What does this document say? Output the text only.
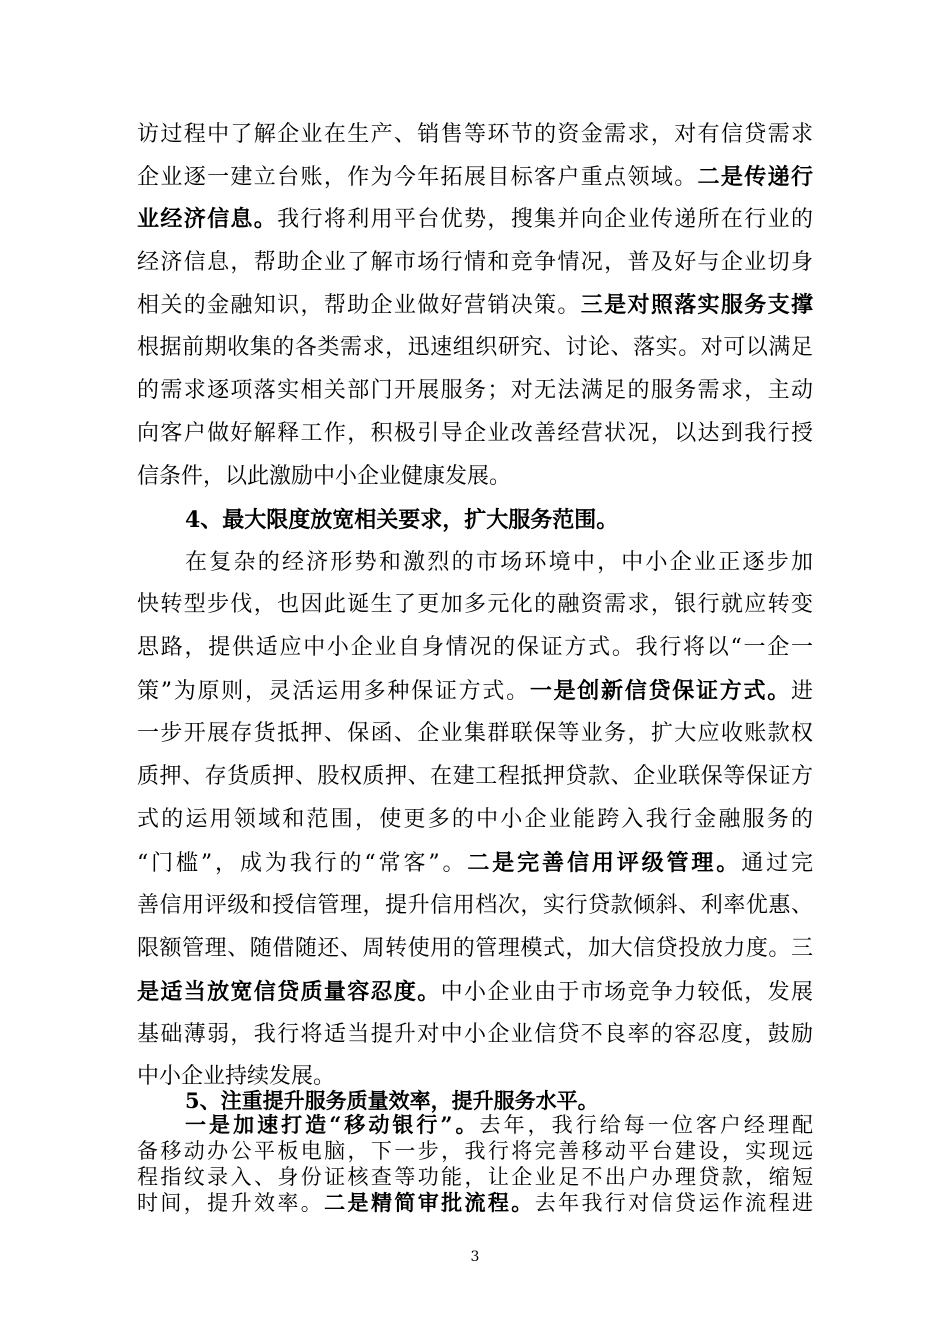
访过程中了解企业在生产、销售等环节的资金需求，对有信贷需求
企业逐一建立台账，作为今年拓展目标客户重点领域。二是传递行
业经济信息。我行将利用平台优势，搜集并向企业传递所在行业的
经济信息，帮助企业了解市场行情和竞争情况，普及好与企业切身
相关的金融知识，帮助企业做好营销决策。三是对照落实服务支撑
根据前期收集的各类需求，迅速组织研究、讨论、落实。对可以满足
的需求逐项落实相关部门开展服务；对无法满足的服务需求，主动
向客户做好解释工作，积极引导企业改善经营状况，以达到我行授
信条件，以此激励中小企业健康发展。
4、最大限度放宽相关要求，扩大服务范围。
在复杂的经济形势和激烈的市场环境中，中小企业正逐步加
快转型步伐，也因此诞生了更加多元化的融资需求，银行就应转变
思路，提供适应中小企业自身情况的保证方式。我行将以“一企一
策”为原则，灵活运用多种保证方式。一是创新信贷保证方式。进
一步开展存货抵押、保函、企业集群联保等业务，扩大应收账款权
质押、存货质押、股权质押、在建工程抵押贷款、企业联保等保证方
式的运用领域和范围，使更多的中小企业能跨入我行金融服务的
“门槛”，成为我行的“常客”。二是完善信用评级管理。通过完
善信用评级和授信管理，提升信用档次，实行贷款倾斜、利率优惠、
限额管理、随借随还、周转使用的管理模式，加大信贷投放力度。三
是适当放宽信贷质量容忍度。中小企业由于市场竞争力较低，发展
基础薄弱，我行将适当提升对中小企业信贷不良率的容忍度，鼓励
中小企业持续发展。
5、注重提升服务质量效率，提升服务水平。
一是加速打造“移动银行”。去年，我行给每一位客户经理配
备移动办公平板电脑，下一步，我行将完善移动平台建设，实现远
程指纹录入、身份证核查等功能，让企业足不出户办理贷款，缩短
时间，提升效率。二是精简审批流程。去年我行对信贷运作流程进
3
